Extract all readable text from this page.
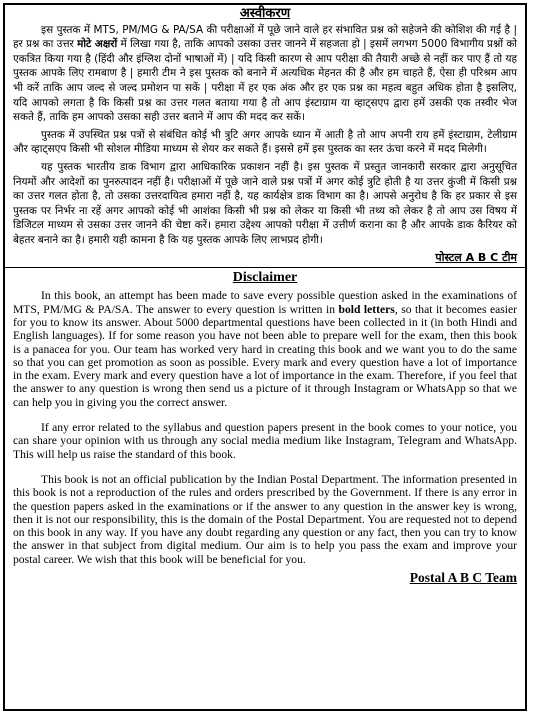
अस्वीकरण

इस पुस्तक में MTS, PM/MG & PA/SA की परीक्षाओं में पूछे जाने वाले हर संभावित प्रश्न को सहेजने की कोशिश की गई है | हर प्रश्न का उत्तर मोटे अक्षरों में लिखा गया है, ताकि आपको उसका उत्तर जानने में सहजता हो | इसमें लगभग 5000 विभागीय प्रश्नों को एकत्रित किया गया है (हिंदी और इंग्लिश दोनों भाषाओं में) | यदि किसी कारण से आप परीक्षा की तैयारी अच्छे से नहीं कर पाए हैं तो यह पुस्तक आपके लिए रामबाण है | हमारी टीम ने इस पुस्तक को बनाने में अत्यधिक मेहनत की है और हम चाहते हैं, ऐसा ही परिश्रम आप भी करें ताकि आप जल्द से जल्द प्रमोशन पा सकें | परीक्षा में हर एक अंक और हर एक प्रश्न का महत्व बहुत अधिक होता है इसलिए, यदि आपको लगता है कि किसी प्रश्न का उत्तर गलत बताया गया है तो आप इंस्टाग्राम या व्हाट्सएप द्वारा हमें उसकी एक तस्वीर भेज सकते हैं, ताकि हम आपको उसका सही उत्तर बताने में आप की मदद कर सकें।

पुस्तक में उपस्थित प्रश्न पत्रों से संबंधित कोई भी त्रुटि अगर आपके ध्यान में आती है तो आप अपनी राय हमें इंस्टाग्राम, टेलीग्राम और व्हाट्सएप किसी भी सोशल मीडिया माध्यम से शेयर कर सकते हैं। इससे हमें इस पुस्तक का स्तर ऊंचा करने में मदद मिलेगी।

यह पुस्तक भारतीय डाक विभाग द्वारा आधिकारिक प्रकाशन नहीं है। इस पुस्तक में प्रस्तुत जानकारी सरकार द्वारा अनुसूचित नियमों और आदेशों का पुनरुत्पादन नहीं है। परीक्षाओं में पूछे जाने वाले प्रश्न पत्रों में अगर कोई त्रुटि होती है या उत्तर कुंजी में किसी प्रश्न का उत्तर गलत होता है, तो उसका उत्तरदायित्व हमारा नहीं है, यह कार्यक्षेत्र डाक विभाग का है। आपसे अनुरोध है कि हर प्रकार से इस पुस्तक पर निर्भर ना रहें अगर आपको कोई भी आशंका किसी भी प्रश्न को लेकर या किसी भी तथ्य को लेकर है तो आप उस विषय में डिजिटल माध्यम से उसका उत्तर जानने की चेष्टा करें। हमारा उद्देश्य आपको परीक्षा में उत्तीर्ण कराना का है और आपके डाक कैरियर को बेहतर बनाने का है। हमारी यही कामना है कि यह पुस्तक आपके लिए लाभप्रद होगी।

पोस्टल A B C टीम
Disclaimer

In this book, an attempt has been made to save every possible question asked in the examinations of MTS, PM/MG & PA/SA. The answer to every question is written in bold letters, so that it becomes easier for you to know its answer. About 5000 departmental questions have been collected in it (in both Hindi and English languages). If for some reason you have not been able to prepare well for the exam, then this book is a panacea for you. Our team has worked very hard in creating this book and we want you to do the same so that you can get promotion as soon as possible. Every mark and every question have a lot of importance in the exam. Every mark and every question have a lot of importance in the exam. Therefore, if you feel that the answer to any question is wrong then send us a picture of it through Instagram or WhatsApp so that we can help you in giving you the correct answer.

If any error related to the syllabus and question papers present in the book comes to your notice, you can share your opinion with us through any social media medium like Instagram, Telegram and WhatsApp. This will help us raise the standard of this book.

This book is not an official publication by the Indian Postal Department. The information presented in this book is not a reproduction of the rules and orders prescribed by the Government. If there is any error in the question papers asked in the examinations or if the answer to any question in the answer key is wrong, then it is not our responsibility, this is the domain of the Postal Department. You are requested not to depend on this book in any way. If you have any doubt regarding any question or any fact, then you can try to know the answer in that subject from digital medium. Our aim is to help you pass the exam and improve your postal career. We wish that this book will be beneficial for you.

Postal A B C Team
